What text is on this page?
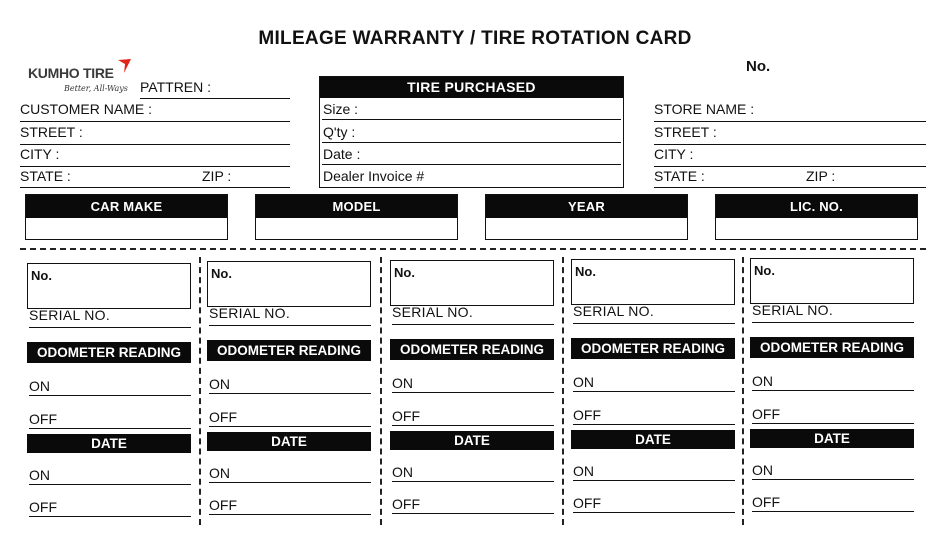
MILEAGE WARRANTY / TIRE ROTATION CARD
No.
KUMHO TIRE
Better, All-Ways PATTREN :
CUSTOMER NAME :
STREET :
CITY :
STATE :	ZIP :
TIRE PURCHASED
Size :
Q'ty :
Date :
Dealer Invoice #
STORE NAME :
STREET :
CITY :
STATE :	ZIP :
CAR MAKE	MODEL	YEAR	LIC. NO.
No.
SERIAL NO.
ODOMETER READING
ON
OFF
DATE
ON
OFF
No.
SERIAL NO.
ODOMETER READING
ON
OFF
DATE
ON
OFF
No.
SERIAL NO.
ODOMETER READING
ON
OFF
DATE
ON
OFF
No.
SERIAL NO.
ODOMETER READING
ON
OFF
DATE
ON
OFF
No.
SERIAL NO.
ODOMETER READING
ON
OFF
DATE
ON
OFF
